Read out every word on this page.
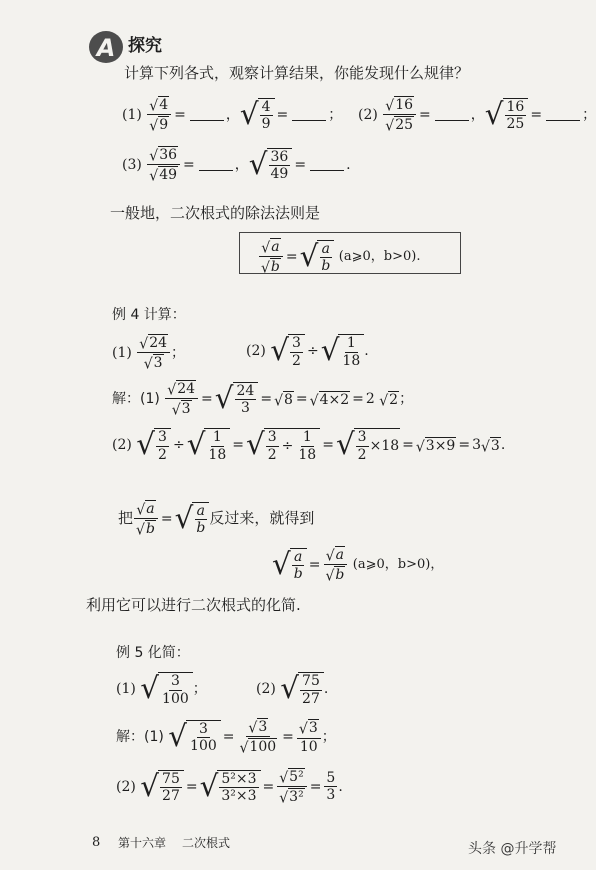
A 探究
计算下列各式，观察计算结果，你能发现什么规律？
(1)
$\frac{√ 4}{√ 9}$ =	， √ $\frac{4}{9}$ =	； (2)
$\frac{√ 16}{√ 25}$ =	， √ $\frac{16}{25}$ =	；
(3)
$\frac{√ 36}{√ 49}$ =	， √ $\frac{36}{49}$ =	.
一般地，二次根式的除法法则是
$\frac{√ a}{√ b}$ = √ $\frac{a}{b}$
(a⩾0，b>0).
例 4 计算：
(1)
$\frac{√ 24}{√ 3}$ ；	(2)
√ $\frac{3}{2}$ ÷ √ $\frac{1}{18}$ .
解：(1)
$\frac{√ 24}{√ 3}$ = √ $\frac{24}{3}$ = √ 8 = √ 4×2 = 2
√ 2 ；
(2)
√ $\frac{3}{2}$ ÷ √ $\frac{1}{18}$ = √ $\frac{3}{2} \div \frac{1}{18}$ = √ $\frac{3}{2} \times 18$ = √ 3×9 = 3 √ 3 .
把 $\frac{√ a}{√ b}$ = √ $\frac{a}{b}$ 反过来，就得到
√ $\frac{a}{b} = \frac{√ a}{√ b}$
(a⩾0，b>0)，
利用它可以进行二次根式的化简.
例 5 化简：
(1)
√ $\frac{3}{100}$ ；	(2)
√ $\frac{75}{27}$ .
解：(1)
√ $\frac{3}{100} = \frac{√ 3}{√ 100} = \frac{√ 3}{10}$ ；
(2)
√ $\frac{75}{27}$ = √ $\frac{\text{5²×3}}{\text{3²×3}} = \frac{\text{√ 5²}}{\text{√ 3²}} = \frac{5}{3}$ .
8 第十六章 二次根式	头条 @升学帮
